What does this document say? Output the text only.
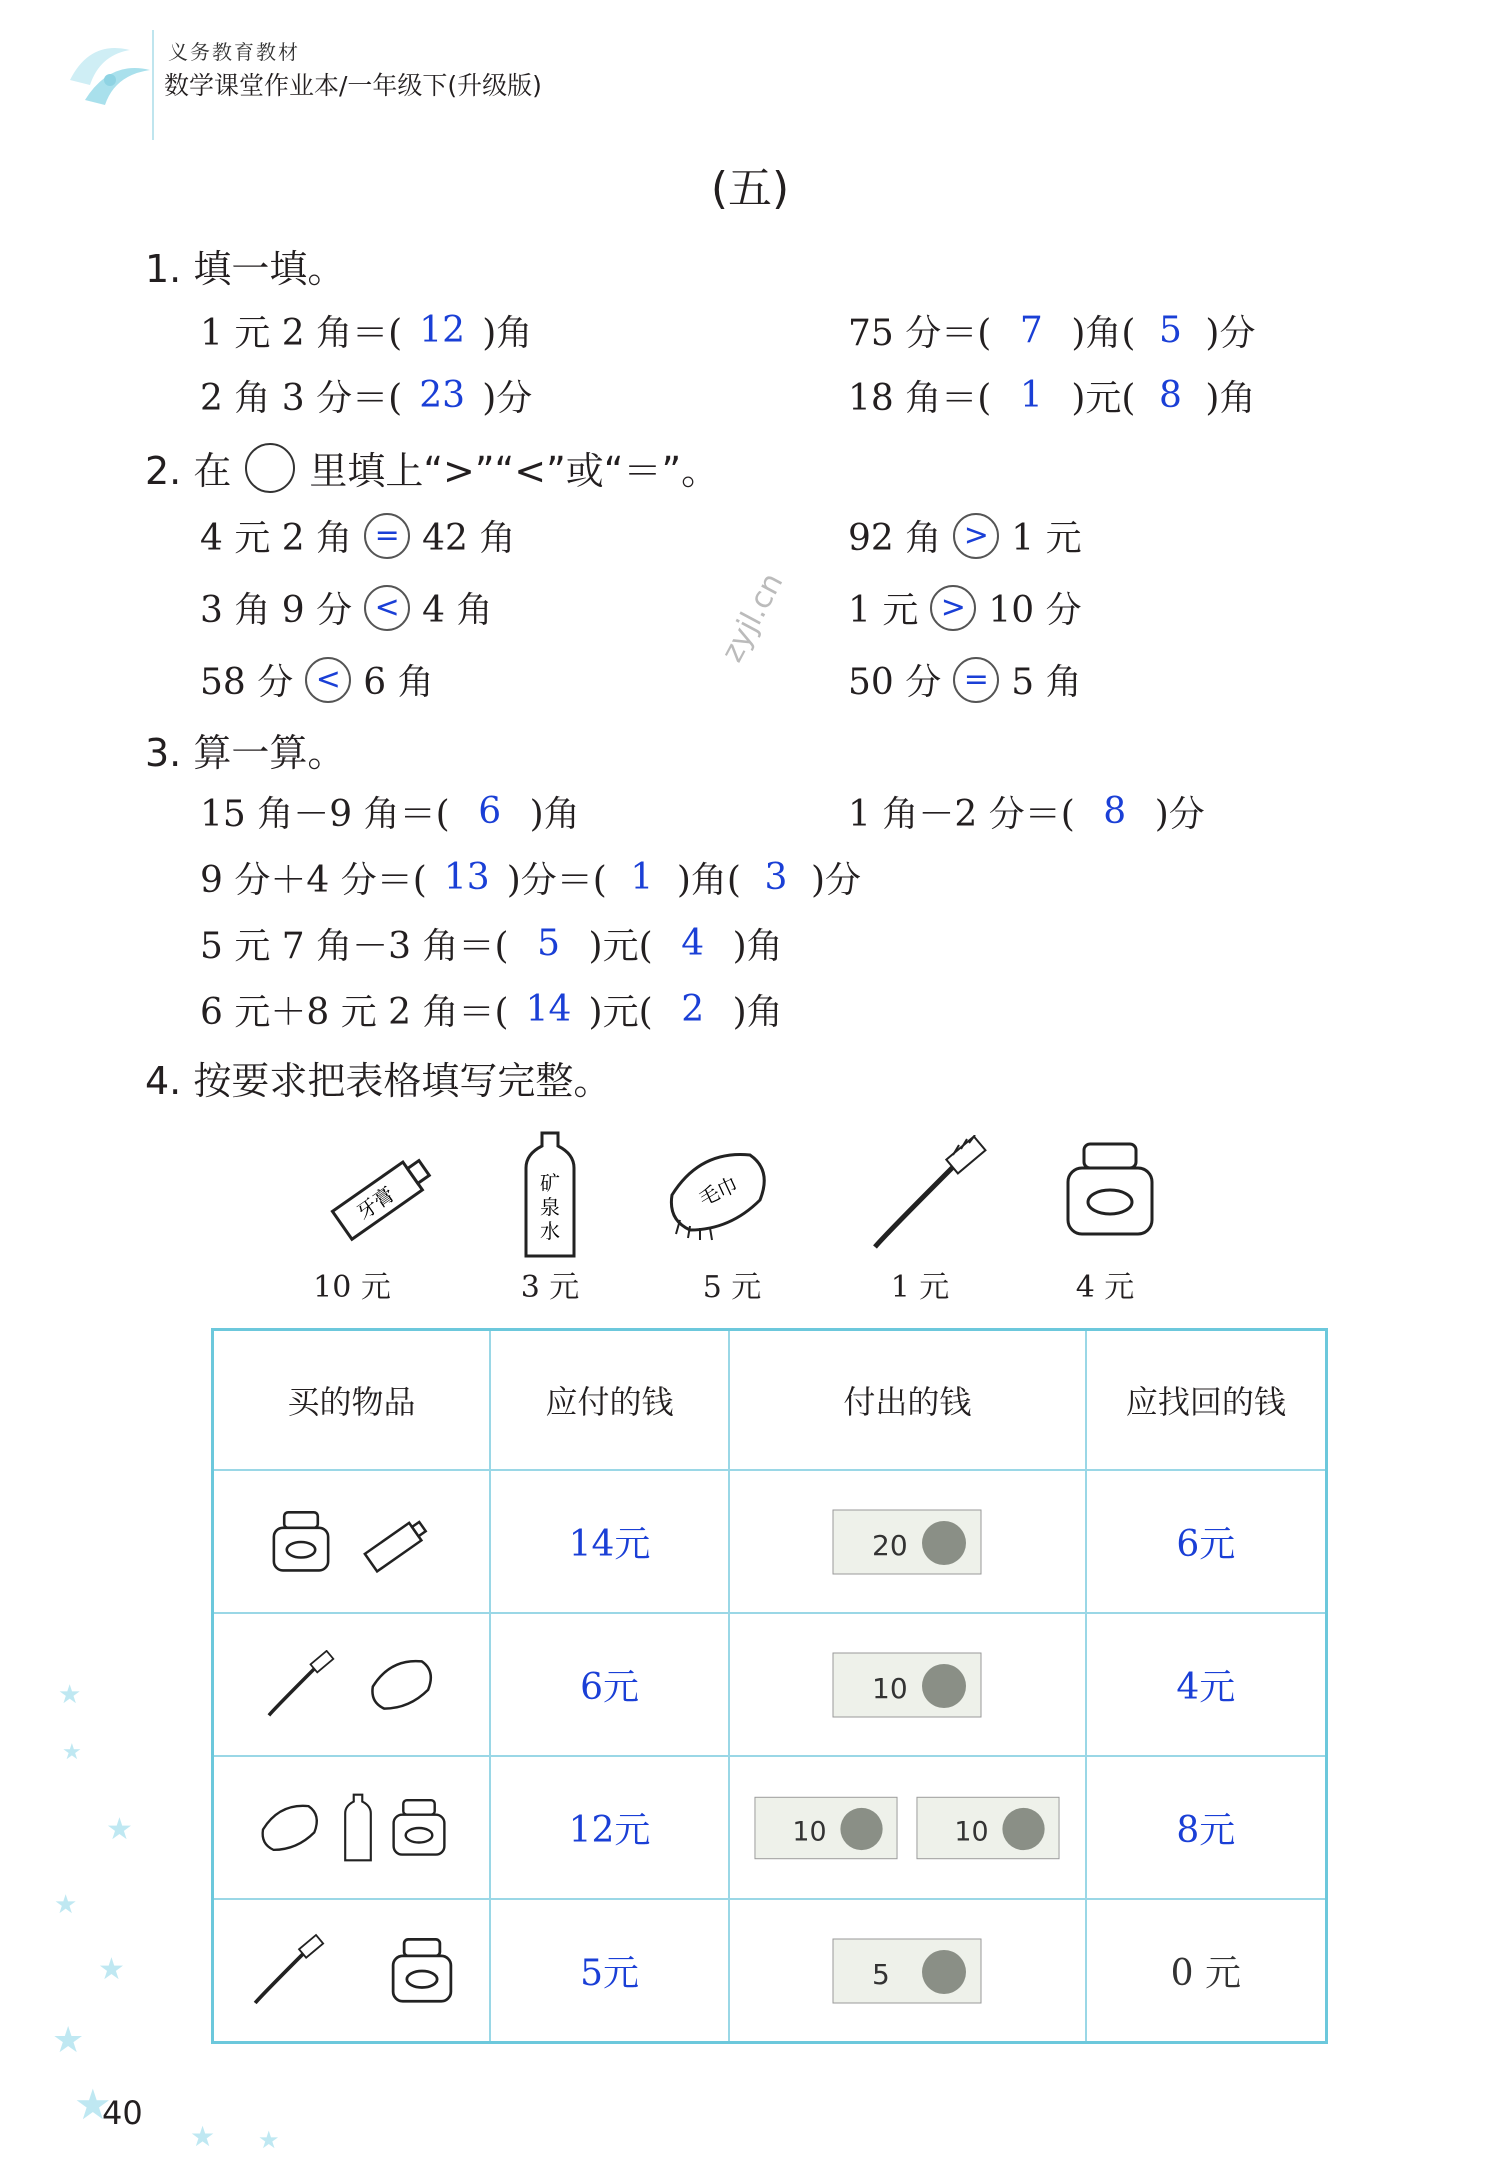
义务教育教材
数学课堂作业本/一年级下(升级版)
(五)
1. 填一填。
1 元 2 角＝( 12 )角	75 分＝( 7 )角( 5 )分
2 角 3 分＝( 23 )分	18 角＝( 1 )元( 8 )角
2. 在 里填上“>”“<”或“＝”。
4 元 2 角 = 42 角	92 角 > 1 元
3 角 9 分 < 4 角	1 元 > 10 分
58 分 < 6 角	50 分 = 5 角
zyjl.cn
3. 算一算。
15 角－9 角＝( 6 )角	1 角－2 分＝( 8 )分
9 分＋4 分＝( 13 )分＝( 1 )角( 3 )分
5 元 7 角－3 角＝( 5 )元( 4 )角
6 元＋8 元 2 角＝( 14 )元( 2 )角
4. 按要求把表格填写完整。
牙膏	矿
泉
水
毛巾
10 元	3 元	5 元	1 元	4 元
买的物品	应付的钱	付出的钱	应找回的钱

	14元	20	6元

	6元	10	4元

	12元	10 10	8元

	5元	5	0 元
★
★
★
★
★
★
★
★ ★
40
